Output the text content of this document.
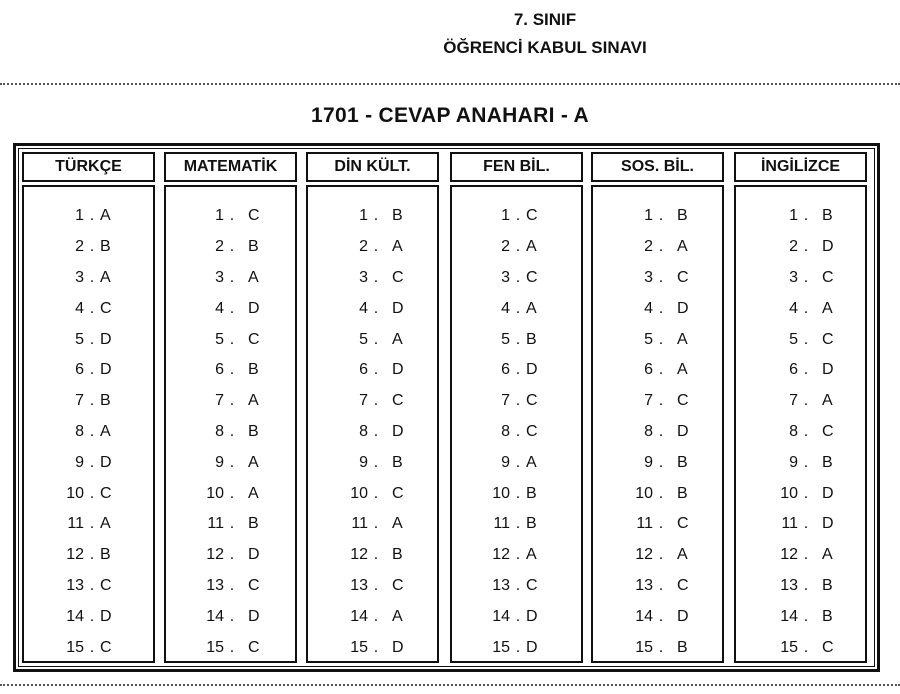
7. SINIF
ÖĞRENCİ KABUL SINAVI
1701 - CEVAP ANAHARI - A
TÜRKÇE
1 . A
2 . B
3 . A
4 . C
5 . D
6 . D
7 . B
8 . A
9 . D
10 . C
11 . A
12 . B
13 . C
14 . D
15 . C
MATEMATİK
1 . C
2 . B
3 . A
4 . D
5 . C
6 . B
7 . A
8 . B
9 . A
10 . A
11 . B
12 . D
13 . C
14 . D
15 . C
DİN KÜLT.
1 . B
2 . A
3 . C
4 . D
5 . A
6 . D
7 . C
8 . D
9 . B
10 . C
11 . A
12 . B
13 . C
14 . A
15 . D
FEN BİL.
1 . C
2 . A
3 . C
4 . A
5 . B
6 . D
7 . C
8 . C
9 . A
10 . B
11 . B
12 . A
13 . C
14 . D
15 . D
SOS. BİL.
1 . B
2 . A
3 . C
4 . D
5 . A
6 . A
7 . C
8 . D
9 . B
10 . B
11 . C
12 . A
13 . C
14 . D
15 . B
İNGİLİZCE
1 . B
2 . D
3 . C
4 . A
5 . C
6 . D
7 . A
8 . C
9 . B
10 . D
11 . D
12 . A
13 . B
14 . B
15 . C
